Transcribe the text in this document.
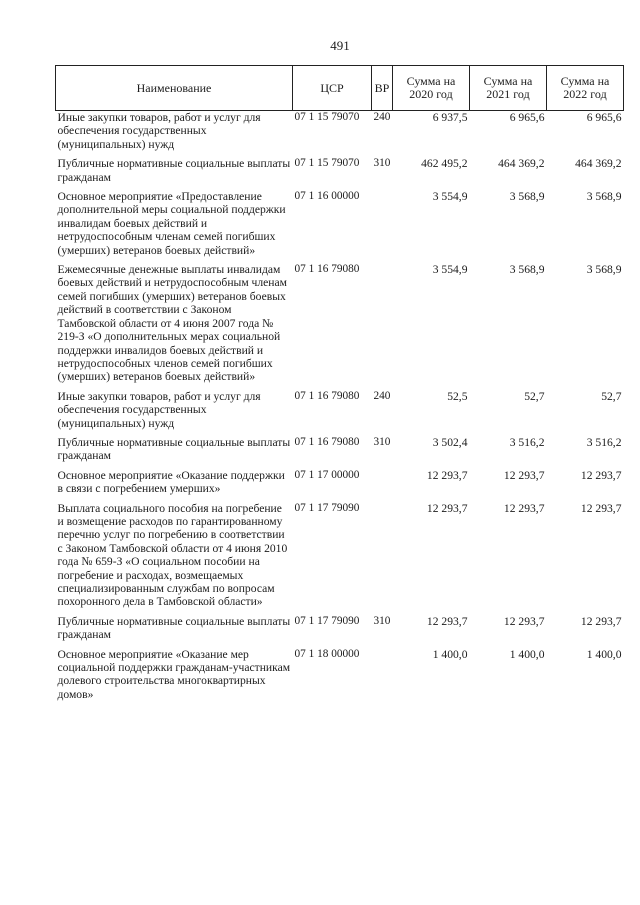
491
Наименование	ЦСР	ВР	Сумма на 2020 год	Сумма на 2021 год	Сумма на 2022 год
Иные закупки товаров, работ и услуг для обеспечения государственных (муниципальных) нужд	07 1 15 79070	240	6 937,5	6 965,6	6 965,6
Публичные нормативные социальные выплаты гражданам	07 1 15 79070	310	462 495,2	464 369,2	464 369,2
Основное мероприятие «Предоставление дополнительной меры социальной поддержки инвалидам боевых действий и нетрудоспособным членам семей погибших (умерших) ветеранов боевых действий»	07 1 16 00000		3 554,9	3 568,9	3 568,9
Ежемесячные денежные выплаты инвалидам боевых действий и нетрудоспособным членам семей погибших (умерших) ветеранов боевых действий в соответствии с Законом Тамбовской области от 4 июня 2007 года № 219-З «О дополнительных мерах социальной поддержки инвалидов боевых действий и нетрудоспособных членов семей погибших (умерших) ветеранов боевых действий»	07 1 16 79080		3 554,9	3 568,9	3 568,9
Иные закупки товаров, работ и услуг для обеспечения государственных (муниципальных) нужд	07 1 16 79080	240	52,5	52,7	52,7
Публичные нормативные социальные выплаты гражданам	07 1 16 79080	310	3 502,4	3 516,2	3 516,2
Основное мероприятие «Оказание поддержки в связи с погребением умерших»	07 1 17 00000		12 293,7	12 293,7	12 293,7
Выплата социального пособия на погребение и возмещение расходов по гарантированному перечню услуг по погребению в соответствии с Законом Тамбовской области от 4 июня 2010 года № 659-З «О социальном пособии на погребение и расходах, возмещаемых специализированным службам по вопросам похоронного дела в Тамбовской области»	07 1 17 79090		12 293,7	12 293,7	12 293,7
Публичные нормативные социальные выплаты гражданам	07 1 17 79090	310	12 293,7	12 293,7	12 293,7
Основное мероприятие «Оказание мер социальной поддержки гражданам-участникам долевого строительства многоквартирных домов»	07 1 18 00000		1 400,0	1 400,0	1 400,0
